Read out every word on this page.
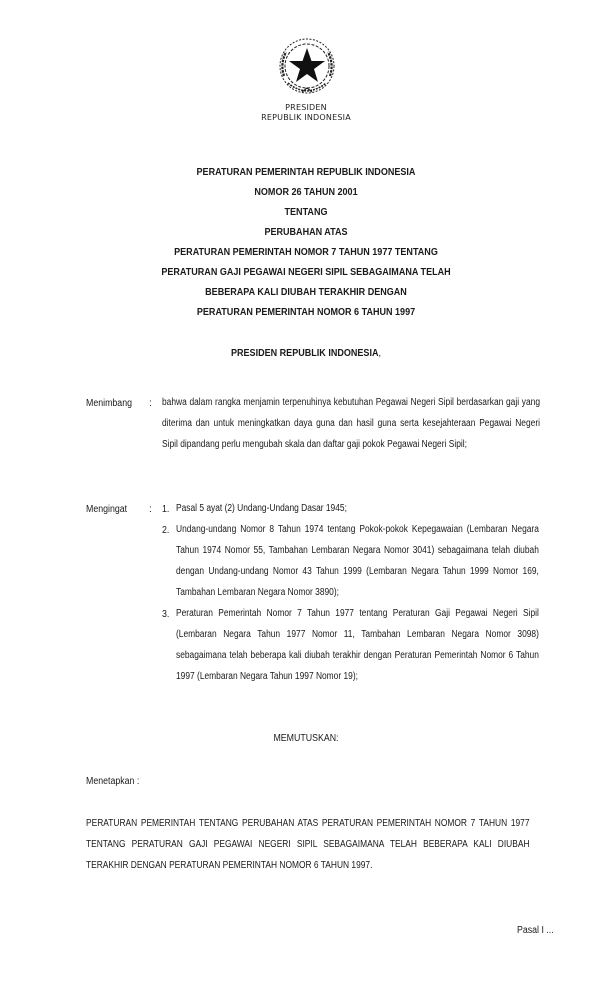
PRESIDEN
REPUBLIK INDONESIA
PERATURAN PEMERINTAH REPUBLIK INDONESIA
NOMOR 26 TAHUN 2001
TENTANG
PERUBAHAN ATAS
PERATURAN PEMERINTAH NOMOR 7 TAHUN 1977 TENTANG
PERATURAN GAJI PEGAWAI NEGERI SIPIL SEBAGAIMANA TELAH
BEBERAPA KALI DIUBAH TERAKHIR DENGAN
PERATURAN PEMERINTAH NOMOR 6 TAHUN 1997
PRESIDEN REPUBLIK INDONESIA,
Menimbang : bahwa dalam rangka menjamin terpenuhinya kebutuhan Pegawai Negeri Sipil berdasarkan gaji yang diterima dan untuk meningkatkan daya guna dan hasil guna serta kesejahteraan Pegawai Negeri Sipil dipandang perlu mengubah skala dan daftar gaji pokok Pegawai Negeri Sipil;
Mengingat : 1. Pasal 5 ayat (2) Undang-Undang Dasar 1945;
2. Undang-undang Nomor 8 Tahun 1974 tentang Pokok-pokok Kepegawaian (Lembaran Negara Tahun 1974 Nomor 55, Tambahan Lembaran Negara Nomor 3041) sebagaimana telah diubah dengan Undang-undang Nomor 43 Tahun 1999 (Lembaran Negara Tahun 1999 Nomor 169, Tambahan Lembaran Negara Nomor 3890);
3. Peraturan Pemerintah Nomor 7 Tahun 1977 tentang Peraturan Gaji Pegawai Negeri Sipil (Lembaran Negara Tahun 1977 Nomor 11, Tambahan Lembaran Negara Nomor 3098) sebagaimana telah beberapa kali diubah terakhir dengan Peraturan Pemerintah Nomor 6 Tahun 1997 (Lembaran Negara Tahun 1997 Nomor 19);
MEMUTUSKAN:
Menetapkan :
PERATURAN PEMERINTAH TENTANG PERUBAHAN ATAS PERATURAN PEMERINTAH NOMOR 7 TAHUN 1977 TENTANG PERATURAN GAJI PEGAWAI NEGERI SIPIL SEBAGAIMANA TELAH BEBERAPA KALI DIUBAH TERAKHIR DENGAN PERATURAN PEMERINTAH NOMOR 6 TAHUN 1997.
Pasal I ...
